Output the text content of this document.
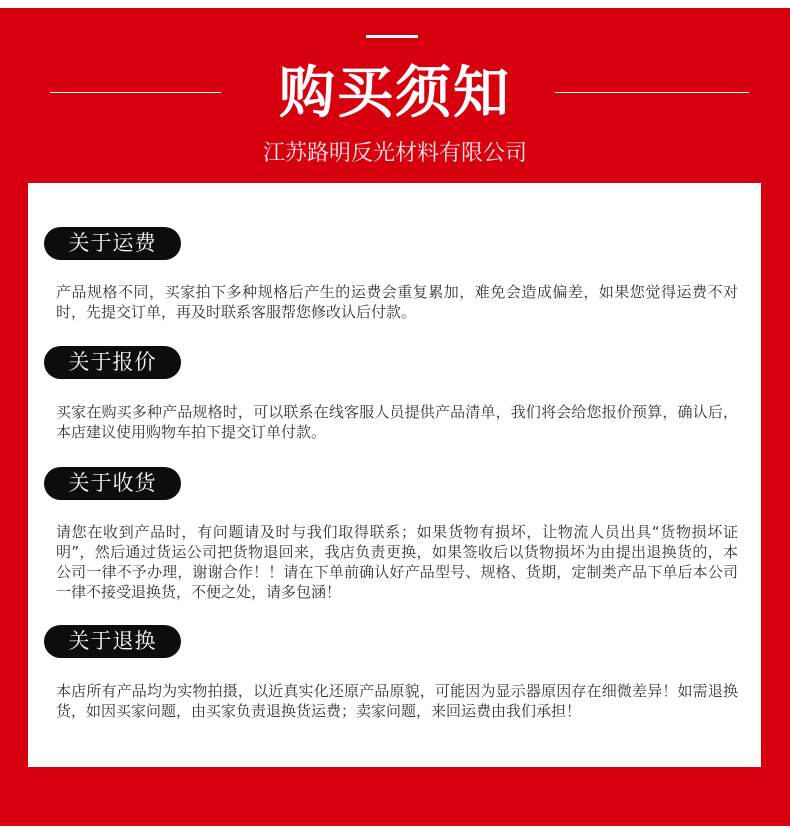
购买须知
江苏路明反光材料有限公司
关于运费
产品规格不同，买家拍下多种规格后产生的运费会重复累加，难免会造成偏差，如果您觉得运费不对时，先提交订单，再及时联系客服帮您修改认后付款。
关于报价
买家在购买多种产品规格时，可以联系在线客服人员提供产品清单，我们将会给您报价预算，确认后，本店建议使用购物车拍下提交订单付款。
关于收货
请您在收到产品时，有问题请及时与我们取得联系；如果货物有损坏，让物流人员出具“货物损坏证明”，然后通过货运公司把货物退回来，我店负责更换，如果签收后以货物损坏为由提出退换货的，本公司一律不予办理，谢谢合作！！请在下单前确认好产品型号、规格、货期，定制类产品下单后本公司一律不接受退换货，不便之处，请多包涵！
关于退换
本店所有产品均为实物拍摄，以近真实化还原产品原貌，可能因为显示器原因存在细微差异！如需退换货，如因买家问题，由买家负责退换货运费；卖家问题，来回运费由我们承担！
